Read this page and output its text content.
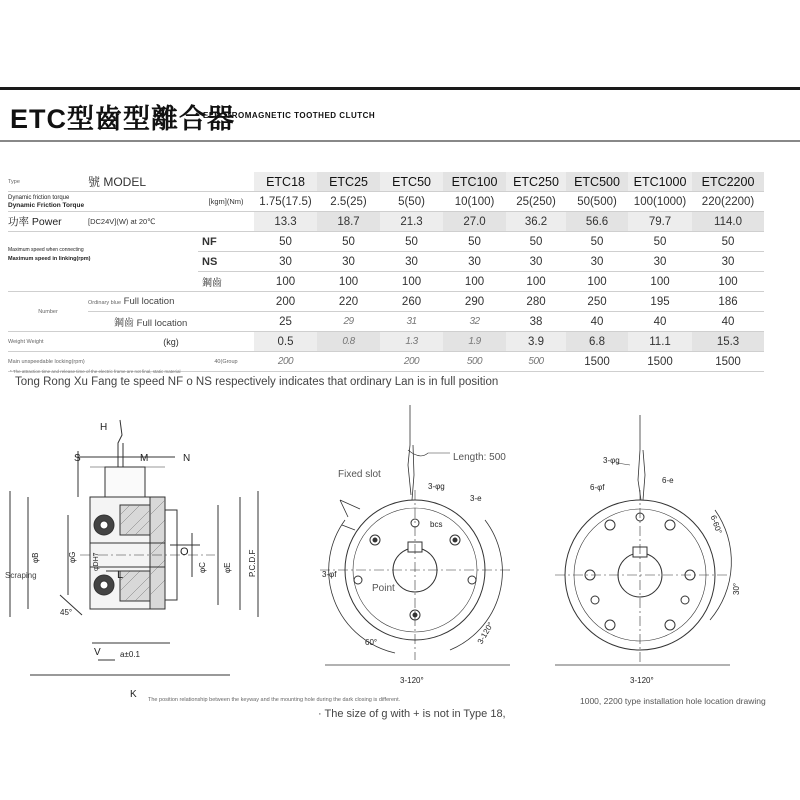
ETC型齒型離合器
ELECTROMAGNETIC TOOTHED CLUTCH
Type	號 MODEL		ETC18	ETC25	ETC50	ETC100	ETC250	ETC500	ETC1000	ETC2200
Dynamic friction torque
Dynamic Friction Torque		[kgm](Nm)	1.75(17.5)	2.5(25)	5(50)	10(100)	25(250)	50(500)	100(1000)	220(2200)
功率 Power	[DC24V](W) at 20℃		13.3	18.7	21.3	27.0	36.2	56.6	79.7	114.0
Maximum speed when connecting
Maximum speed in linking(rpm)		NF	50	50	50	50	50	50	50	50
		NS	30	30	30	30	30	30	30	30
		鋼齒	100	100	100	100	100	100	100	100
Number	Ordinary blue Full location		200	220	260	290	280	250	195	186
	鋼齒 Full location		25	29	31	32	38	40	40	40
Weight Weight	(kg)		0.5	0.8	1.3	1.9	3.9	6.8	11.1	15.3
Main unspeedable locking(rpm)		40(Group	200		200	500	500	1500	1500	1500
* The attraction time and release time of the electric frame are not final, static material
Tong Rong Xu Fang te speed NF o NS respectively indicates that ordinary Lan is in full position
S	M	N
H
O
L
V
K
a±0.1
45°
Scraping
φB	φG φDH7	φC φE P.C.D.F
Length: 500
Fixed slot
3-φg
3-e
bcs
3-φf
Point
60°	3-120°
3-120°
3-φg
6-φf
6-e
6-60°
30°
3-120°
The position relationship between the keyway and the mounting hole during the dark closing is different.
· The size of g with + is not in Type 18,
1000, 2200 type installation hole location drawing
